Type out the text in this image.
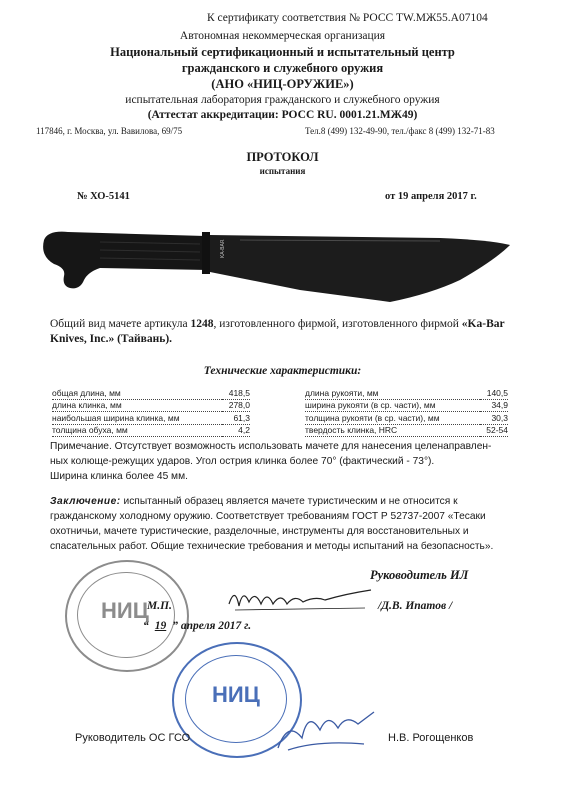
К сертификату соответствия № РОСС TW.МЖ55.А07104
Автономная некоммерческая организация
Национальный сертификационный и испытательный центр
гражданского и служебного оружия
(АНО «НИЦ-ОРУЖИЕ»)
испытательная лаборатория гражданского и служебного оружия
(Аттестат аккредитации: РОСС RU. 0001.21.МЖ49)
117846, г. Москва, ул. Вавилова, 69/75	Тел.8 (499) 132-49-90, тел./факс 8 (499) 132-71-83
ПРОТОКОЛ
испытания
№ ХО-5141	от 19 апреля 2017 г.
KA-BAR
Общий вид мачете артикула 1248, изготовленного фирмой, изготовленного фирмой «Ka-Bar
Knives, Inc.» (Тайвань).
Технические характеристики:
общая длина, мм	418,5
длина клинка, мм	278,0
наибольшая ширина клинка, мм	61,3
толщина обуха, мм	4,2
длина рукояти, мм	140,5
ширина рукояти (в ср. части), мм	34,9
толщина рукояти (в ср. части), мм	30,3
твердость клинка, HRC	52-54
Примечание. Отсутствует возможность использовать мачете для нанесения целенаправлен-
ных колюще-режущих ударов. Угол острия клинка более 70° (фактический - 73°).
Ширина клинка более 45 мм.
Заключение: испытанный образец является мачете туристическим и не относится к
гражданскому холодному оружию. Соответствует требованиям ГОСТ Р 52737-2007 «Тесаки
охотничьи, мачете туристические, разделочные, инструменты для восстановительных и
спасательных работ. Общие технические требования и методы испытаний на безопасность».
НИЦ
Руководитель ИЛ
М.П.	/Д.В. Ипатов /
“ 19 ” апреля 2017 г.
НИЦ
Руководитель ОС ГСО	Н.В. Рогощенков
